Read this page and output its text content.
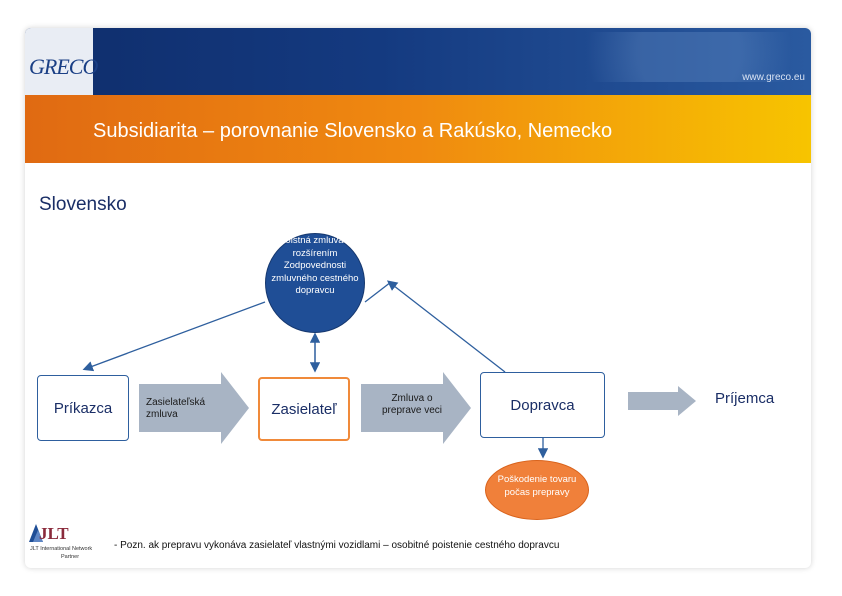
GRECO	www.greco.eu
Subsidiarita – porovnanie Slovensko a Rakúsko, Nemecko
Slovensko
Poistná zmluva s rozšírením Zodpovednosti zmluvného cestného dopravcu
Príkazca	Zasielateľská zmluva	Zasielateľ
Zmluva o preprave veci	Dopravca	Príjemca
Poškodenie tovaru počas prepravy
JLT
JLT International Network
Partner
- Pozn. ak prepravu vykonáva zasielateľ vlastnými vozidlami – osobitné poistenie cestného dopravcu
